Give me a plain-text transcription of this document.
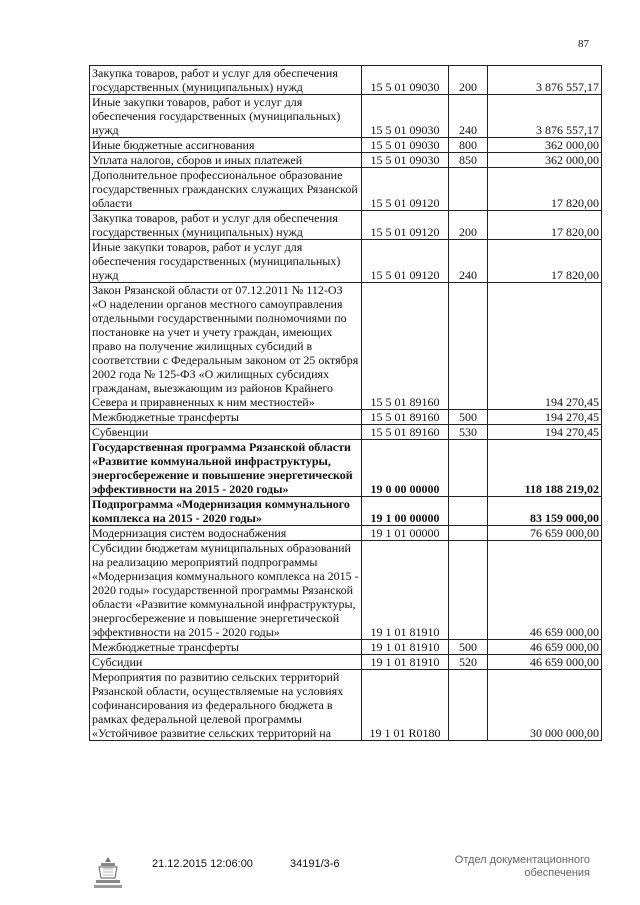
87
Закупка товаров, работ и услуг для обеспечения государственных (муниципальных) нужд	15 5 01 09030	200	3 876 557,17
Иные закупки товаров, работ и услуг для обеспечения государственных (муниципальных) нужд	15 5 01 09030	240	3 876 557,17
Иные бюджетные ассигнования	15 5 01 09030	800	362 000,00
Уплата налогов, сборов и иных платежей	15 5 01 09030	850	362 000,00
Дополнительное профессиональное образование государственных гражданских служащих Рязанской области	15 5 01 09120		17 820,00
Закупка товаров, работ и услуг для обеспечения государственных (муниципальных) нужд	15 5 01 09120	200	17 820,00
Иные закупки товаров, работ и услуг для обеспечения государственных (муниципальных) нужд	15 5 01 09120	240	17 820,00
Закон Рязанской области от 07.12.2011 № 112-ОЗ «О наделении органов местного самоуправления отдельными государственными полномочиями по постановке на учет и учету граждан, имеющих право на получение жилищных субсидий в соответствии с Федеральным законом от 25 октября 2002 года № 125-ФЗ «О жилищных субсидиях гражданам, выезжающим из районов Крайнего Севера и приравненных к ним местностей»	15 5 01 89160		194 270,45
Межбюджетные трансферты	15 5 01 89160	500	194 270,45
Субвенции	15 5 01 89160	530	194 270,45
Государственная программа Рязанской области «Развитие коммунальной инфраструктуры, энергосбережение и повышение энергетической эффективности на 2015 - 2020 годы»	19 0 00 00000		118 188 219,02
Подпрограмма «Модернизация коммунального комплекса на 2015 - 2020 годы»	19 1 00 00000		83 159 000,00
Модернизация систем водоснабжения	19 1 01 00000		76 659 000,00
Субсидии бюджетам муниципальных образований на реализацию мероприятий подпрограммы «Модернизация коммунального комплекса на 2015 - 2020 годы» государственной программы Рязанской области «Развитие коммунальной инфраструктуры, энергосбережение и повышение энергетической эффективности на 2015 - 2020 годы»	19 1 01 81910		46 659 000,00
Межбюджетные трансферты	19 1 01 81910	500	46 659 000,00
Субсидии	19 1 01 81910	520	46 659 000,00
Мероприятия по развитию сельских территорий Рязанской области, осуществляемые на условиях софинансирования из федерального бюджета в рамках федеральной целевой программы «Устойчивое развитие сельских территорий на	19 1 01 R0180		30 000 000,00
21.12.2015 12:06:00	34191/3-6	Отдел документационного
обеспечения
